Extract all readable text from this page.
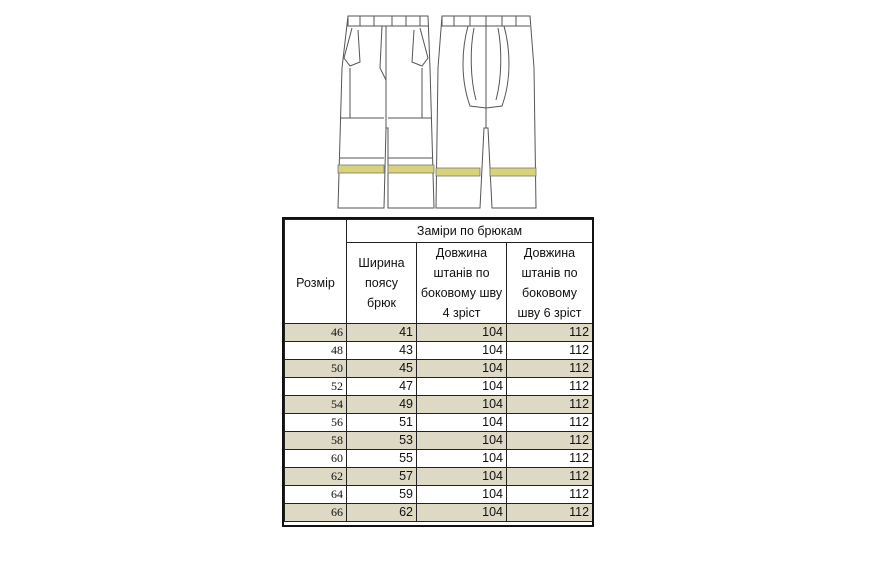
	Заміри по брюкам		
Розмір	Ширина поясу брюк	Довжина штанів по боковому шву 4 зріст	Довжина штанів по боковому шву 6 зріст
46	41	104	112
48	43	104	112
50	45	104	112
52	47	104	112
54	49	104	112
56	51	104	112
58	53	104	112
60	55	104	112
62	57	104	112
64	59	104	112
66	62	104	112
